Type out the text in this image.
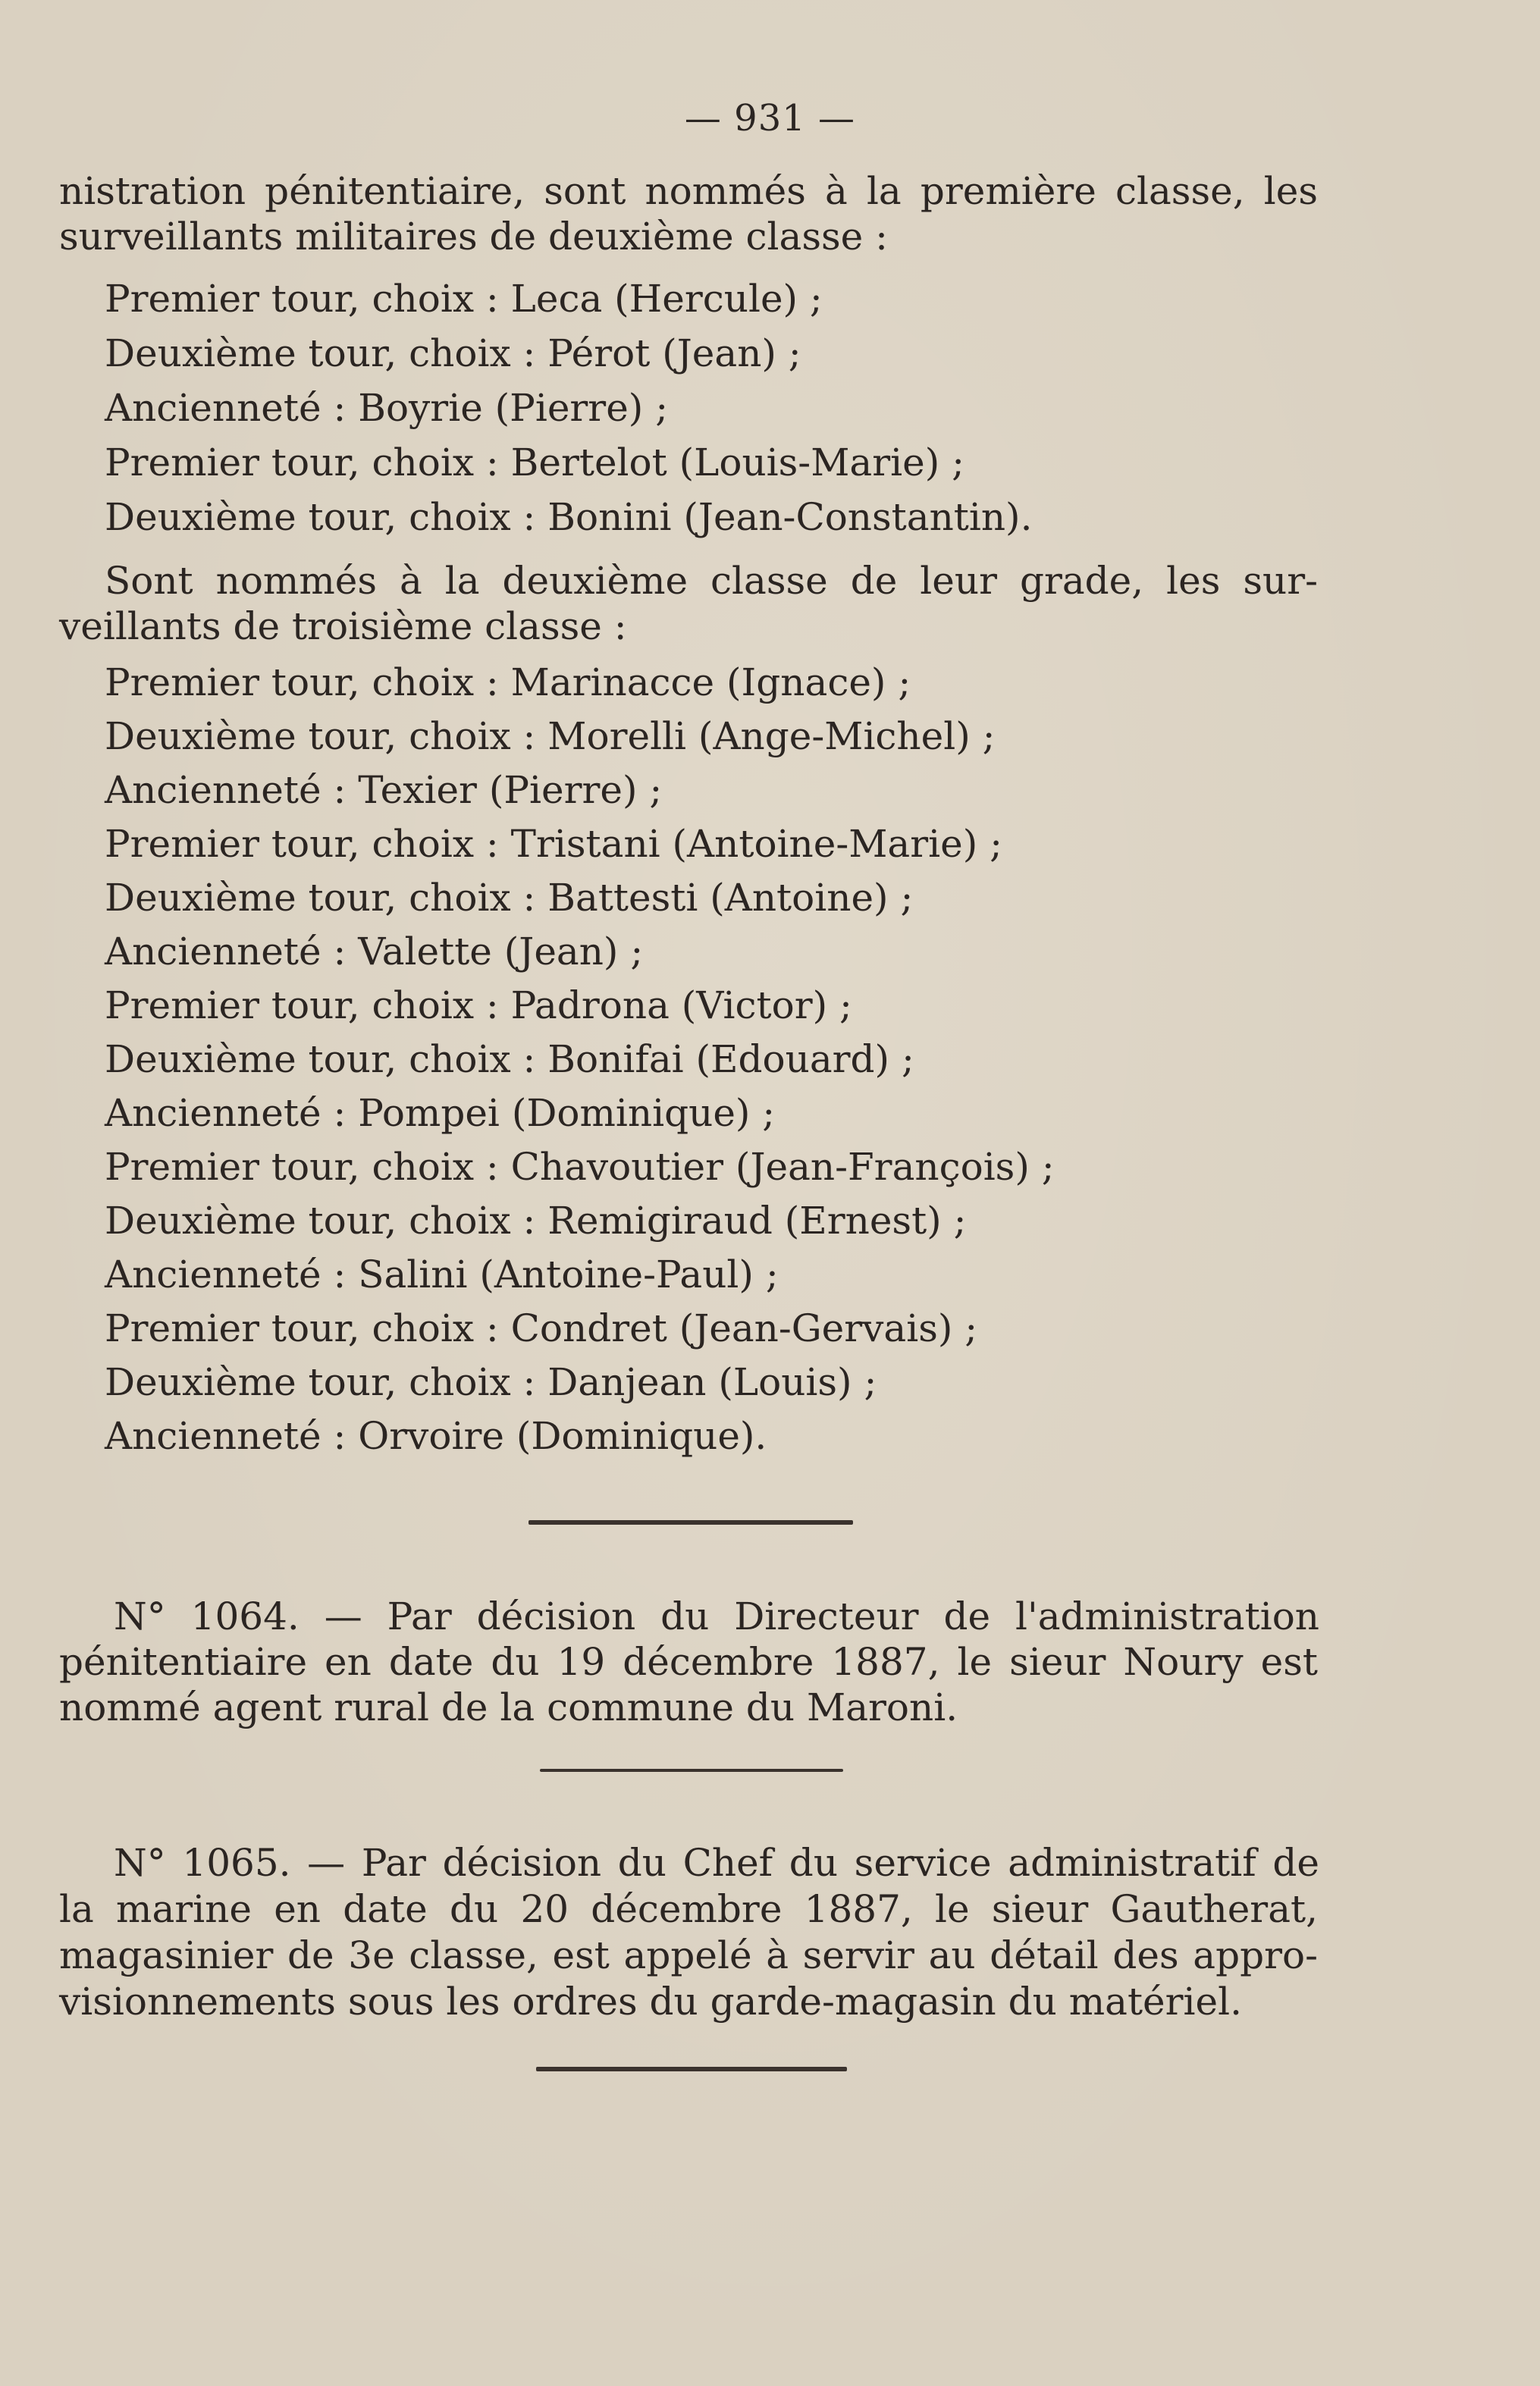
— 931 —
nistration pénitentiaire, sont nommés à la première classe, les
surveillants militaires de deuxième classe :
Premier tour, choix : Leca (Hercule) ;
Deuxième tour, choix : Pérot (Jean) ;
Ancienneté : Boyrie (Pierre) ;
Premier tour, choix : Bertelot (Louis-Marie) ;
Deuxième tour, choix : Bonini (Jean-Constantin).
Sont nommés à la deuxième classe de leur grade, les sur-
veillants de troisième classe :
Premier tour, choix : Marinacce (Ignace) ;
Deuxième tour, choix : Morelli (Ange-Michel) ;
Ancienneté : Texier (Pierre) ;
Premier tour, choix : Tristani (Antoine-Marie) ;
Deuxième tour, choix : Battesti (Antoine) ;
Ancienneté : Valette (Jean) ;
Premier tour, choix : Padrona (Victor) ;
Deuxième tour, choix : Bonifai (Edouard) ;
Ancienneté : Pompei (Dominique) ;
Premier tour, choix : Chavoutier (Jean-François) ;
Deuxième tour, choix : Remigiraud (Ernest) ;
Ancienneté : Salini (Antoine-Paul) ;
Premier tour, choix : Condret (Jean-Gervais) ;
Deuxième tour, choix : Danjean (Louis) ;
Ancienneté : Orvoire (Dominique).
N° 1064. — Par décision du Directeur de l'administration
pénitentiaire en date du 19 décembre 1887, le sieur Noury est
nommé agent rural de la commune du Maroni.
N° 1065. — Par décision du Chef du service administratif de
la marine en date du 20 décembre 1887, le sieur Gautherat,
magasinier de 3e classe, est appelé à servir au détail des appro-
visionnements sous les ordres du garde-magasin du matériel.
